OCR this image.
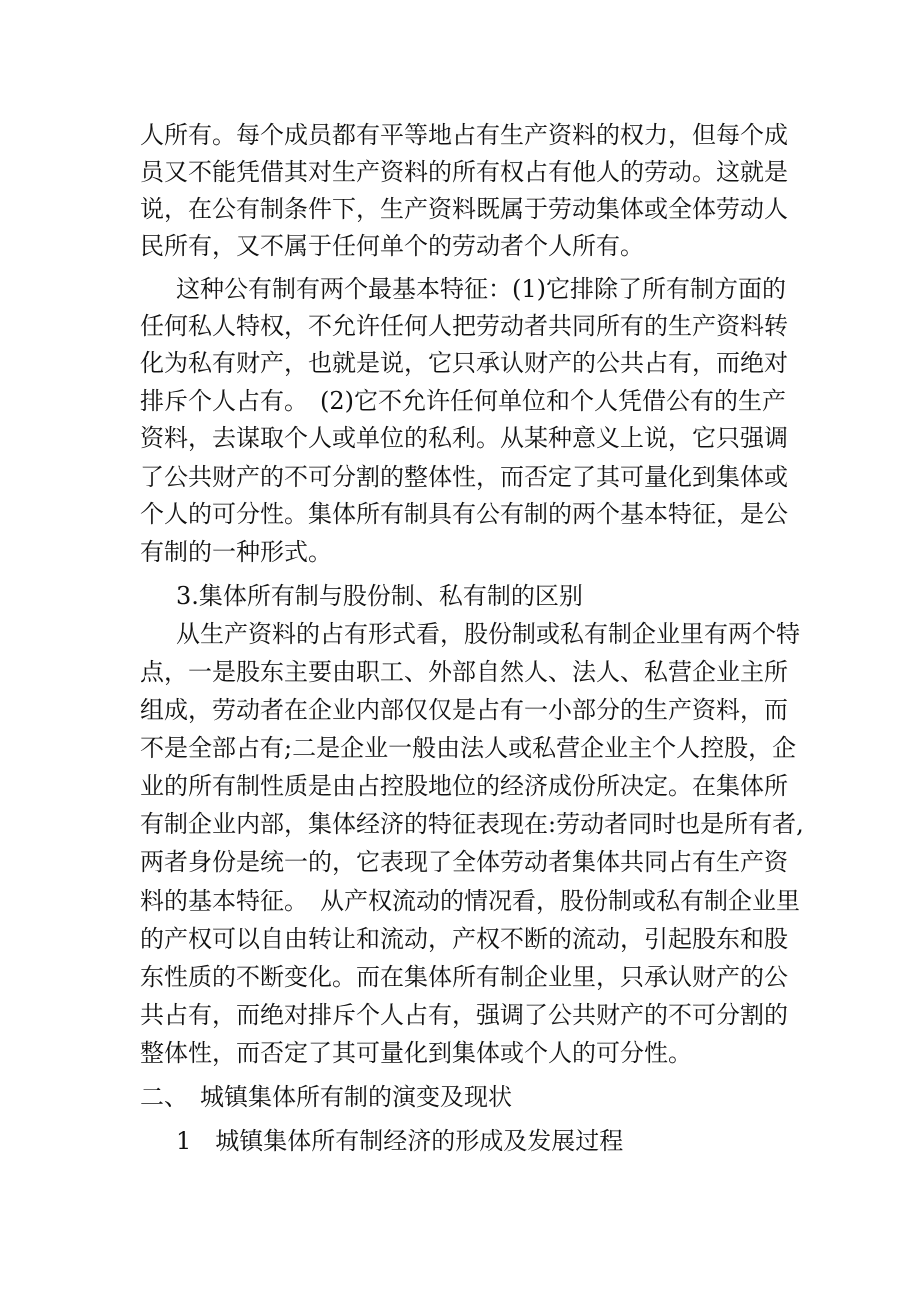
人所有。每个成员都有平等地占有生产资料的权力，但每个成
员又不能凭借其对生产资料的所有权占有他人的劳动。这就是
说，在公有制条件下，生产资料既属于劳动集体或全体劳动人
民所有，又不属于任何单个的劳动者个人所有。
这种公有制有两个最基本特征：(1)它排除了所有制方面的
任何私人特权，不允许任何人把劳动者共同所有的生产资料转
化为私有财产，也就是说，它只承认财产的公共占有，而绝对
排斥个人占有。　(2)它不允许任何单位和个人凭借公有的生产
资料，去谋取个人或单位的私利。从某种意义上说，它只强调
了公共财产的不可分割的整体性，而否定了其可量化到集体或
个人的可分性。集体所有制具有公有制的两个基本特征，是公
有制的一种形式。
3.集体所有制与股份制、私有制的区别
从生产资料的占有形式看，股份制或私有制企业里有两个特
点，一是股东主要由职工、外部自然人、法人、私营企业主所
组成，劳动者在企业内部仅仅是占有一小部分的生产资料，而
不是全部占有;二是企业一般由法人或私营企业主个人控股，企
业的所有制性质是由占控股地位的经济成份所决定。在集体所
有制企业内部，集体经济的特征表现在:劳动者同时也是所有者,
两者身份是统一的，它表现了全体劳动者集体共同占有生产资
料的基本特征。　从产权流动的情况看，股份制或私有制企业里
的产权可以自由转让和流动，产权不断的流动，引起股东和股
东性质的不断变化。而在集体所有制企业里，只承认财产的公
共占有，而绝对排斥个人占有，强调了公共财产的不可分割的
整体性，而否定了其可量化到集体或个人的可分性。
二、　城镇集体所有制的演变及现状
1　城镇集体所有制经济的形成及发展过程
